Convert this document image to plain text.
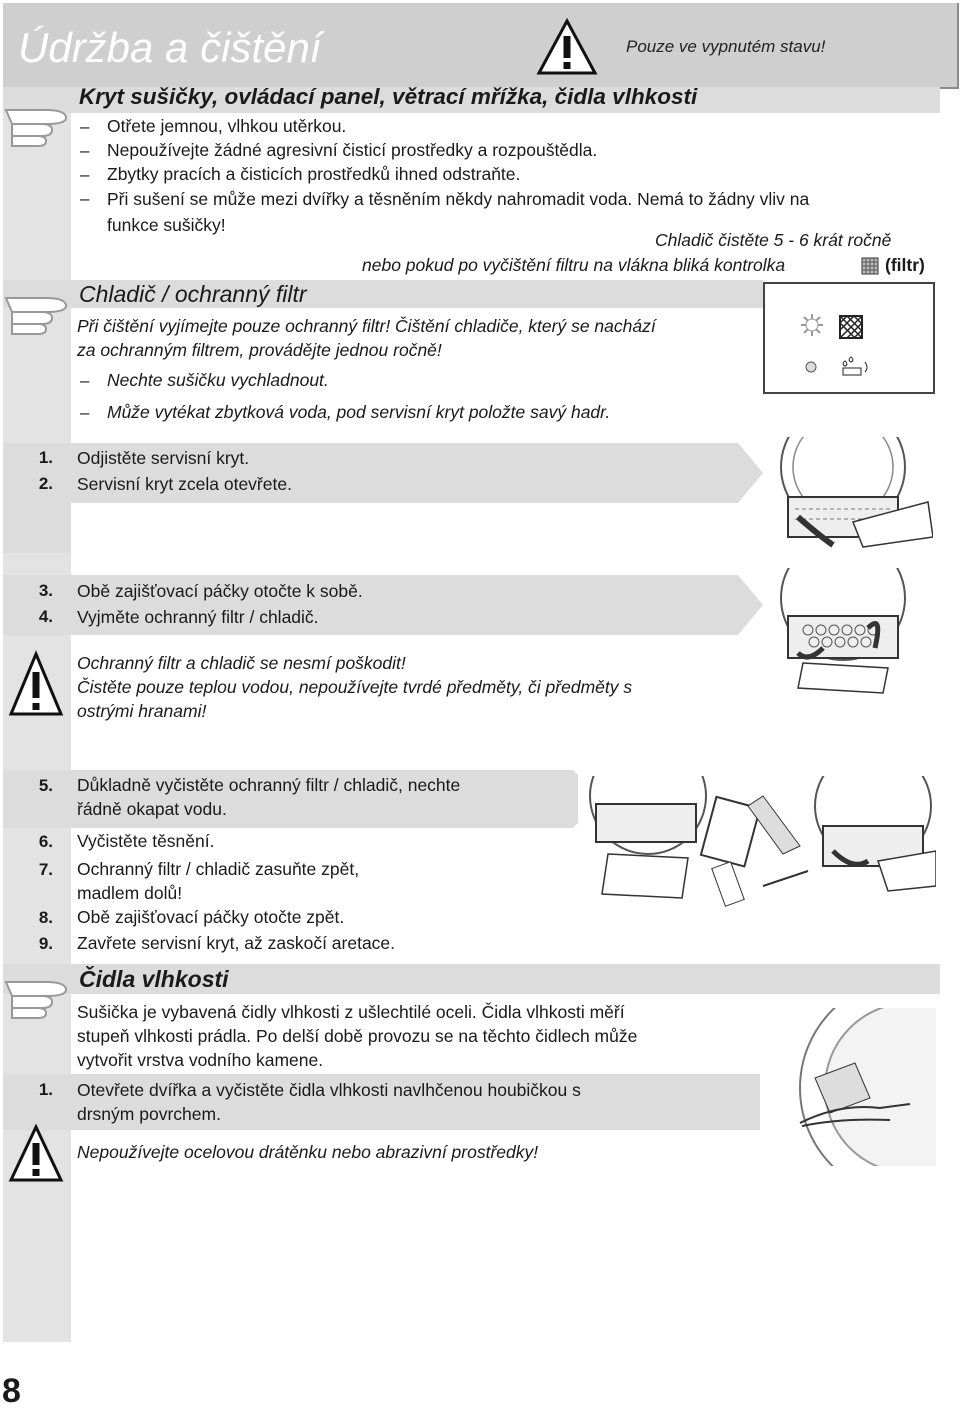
Údržba a čištění	Pouze ve vypnutém stavu!
Kryt sušičky, ovládací panel, větrací mřížka, čidla vlhkosti
– Otřete jemnou, vlhkou utěrkou.
– Nepoužívejte žádné agresivní čisticí prostředky a rozpouštědla.
– Zbytky pracích a čisticích prostředků ihned odstraňte.
– Při sušení se může mezi dvířky a těsněním někdy nahromadit voda. Nemá to žádny vliv na
funkce sušičky!
Chladič čistěte 5 - 6 krát ročně
nebo pokud po vyčištění filtru na vlákna bliká kontrolka	(filtr)
Chladič / ochranný filtr
Při čištění vyjímejte pouze ochranný filtr! Čištění chladiče, který se nachází
za ochranným filtrem, provádějte jednou ročně!
– Nechte sušičku vychladnout.
– Může vytékat zbytková voda, pod servisní kryt položte savý hadr.
1. Odjistěte servisní kryt.
2. Servisní kryt zcela otevřete.
3. Obě zajišťovací páčky otočte k sobě.
4. Vyjměte ochranný filtr / chladič.
Ochranný filtr a chladič se nesmí poškodit!
Čistěte pouze teplou vodou, nepoužívejte tvrdé předměty, či předměty s
ostrými hranami!
5. Důkladně vyčistěte ochranný filtr / chladič, nechte
řádně okapat vodu.
6. Vyčistěte těsnění.
7. Ochranný filtr / chladič zasuňte zpět,
madlem dolů!
8. Obě zajišťovací páčky otočte zpět.
9. Zavřete servisní kryt, až zaskočí aretace.
Čidla vlhkosti
Sušička je vybavená čidly vlhkosti z ušlechtilé oceli. Čidla vlhkosti měří
stupeň vlhkosti prádla. Po delší době provozu se na těchto čidlech může
vytvořit vrstva vodního kamene.
1. Otevřete dvířka a vyčistěte čidla vlhkosti navlhčenou houbičkou s
drsným povrchem.
Nepoužívejte ocelovou drátěnku nebo abrazivní prostředky!
8
